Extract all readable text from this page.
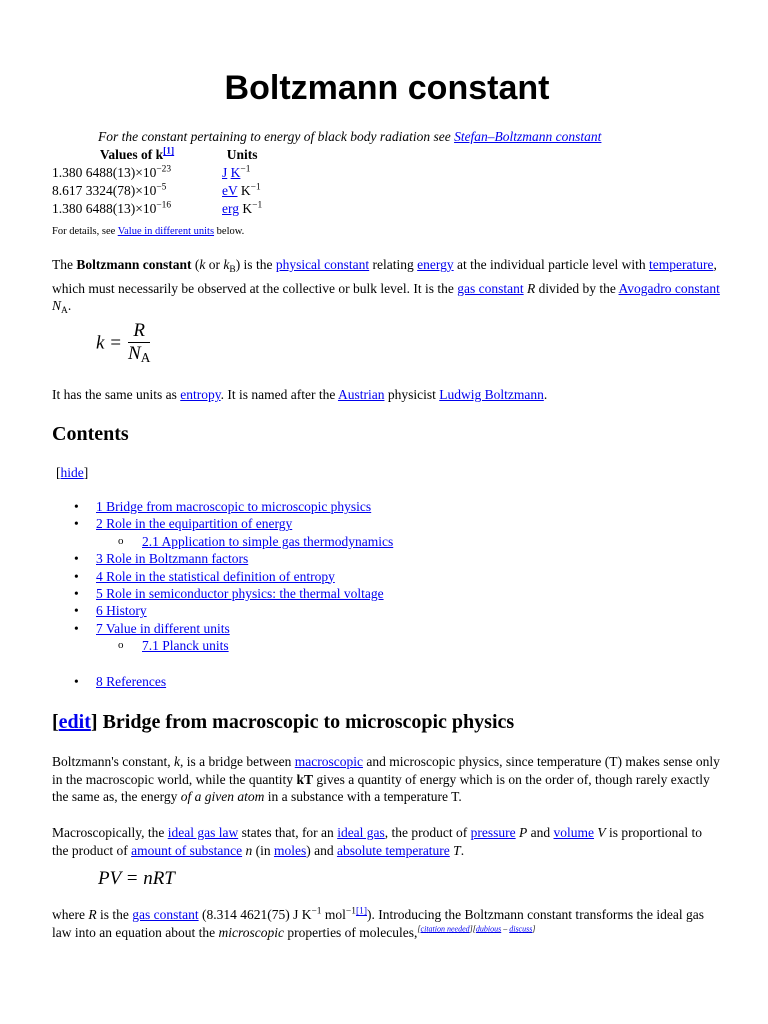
Boltzmann constant
For the constant pertaining to energy of black body radiation see Stefan–Boltzmann constant
Values of k[1]	Units
1.380 $6488(13)\times 10^{-23}$	J $K^{-1}$
8.617 $3324(78)\times 10^{-5}$	eV $K^{-1}$
1.380 $6488(13)\times 10^{-16}$	erg $K^{-1}$
For details, see Value in different units below.

The Boltzmann constant (k or $k_B$) is the physical constant relating energy at the individual particle level with temperature, which must necessarily be observed at the collective or bulk level. It is the gas constant R divided by the Avogadro constant $N_A$.

$k = \frac{R}{N_A}$

It has the same units as entropy. It is named after the Austrian physicist Ludwig Boltzmann.

Contents
[hide]
• 1 Bridge from macroscopic to microscopic physics
• 2 Role in the equipartition of energy
o 2.1 Application to simple gas thermodynamics
• 3 Role in Boltzmann factors
• 4 Role in the statistical definition of entropy
• 5 Role in semiconductor physics: the thermal voltage
• 6 History
• 7 Value in different units
o 7.1 Planck units
• 8 References
[edit] Bridge from macroscopic to microscopic physics

Boltzmann's constant, k, is a bridge between macroscopic and microscopic physics, since temperature (T) makes sense only in the macroscopic world, while the quantity kT gives a quantity of energy which is on the order of, though rarely exactly the same as, the energy of a given atom in a substance with a temperature T.

Macroscopically, the ideal gas law states that, for an ideal gas, the product of pressure P and volume V is proportional to the product of amount of substance n (in moles) and absolute temperature T.

PV = nRT

where R is the gas constant (8.314 4621(75) J $K^{-1}$ mol$^{-1[1]}$). Introducing the Boltzmann constant transforms the ideal gas law into an equation about the microscopic properties of molecules,[citation needed][dubious – discuss]
